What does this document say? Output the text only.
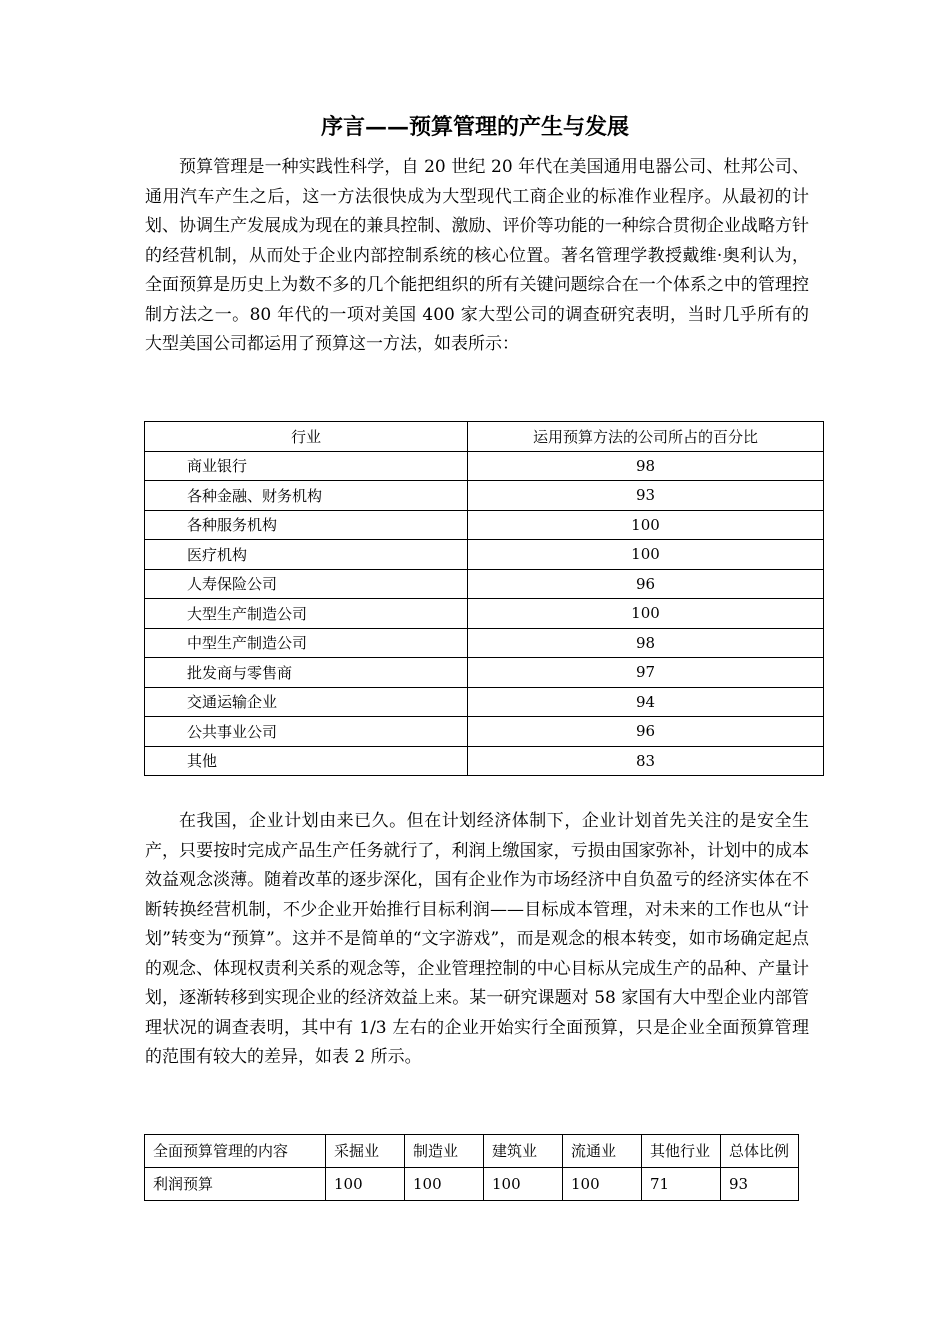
序言——预算管理的产生与发展

预算管理是一种实践性科学，自 20 世纪 20 年代在美国通用电器公司、杜邦公司、通用汽车产生之后，这一方法很快成为大型现代工商企业的标准作业程序。从最初的计划、协调生产发展成为现在的兼具控制、激励、评价等功能的一种综合贯彻企业战略方针的经营机制，从而处于企业内部控制系统的核心位置。著名管理学教授戴维·奥利认为，全面预算是历史上为数不多的几个能把组织的所有关键问题综合在一个体系之中的管理控制方法之一。80 年代的一项对美国 400 家大型公司的调查研究表明，当时几乎所有的大型美国公司都运用了预算这一方法，如表所示：

行业	运用预算方法的公司所占的百分比
商业银行	98
各种金融、财务机构	93
各种服务机构	100
医疗机构	100
人寿保险公司	96
大型生产制造公司	100
中型生产制造公司	98
批发商与零售商	97
交通运输企业	94
公共事业公司	96
其他	83

在我国，企业计划由来已久。但在计划经济体制下，企业计划首先关注的是安全生产，只要按时完成产品生产任务就行了，利润上缴国家，亏损由国家弥补，计划中的成本效益观念淡薄。随着改革的逐步深化，国有企业作为市场经济中自负盈亏的经济实体在不断转换经营机制，不少企业开始推行目标利润——目标成本管理，对未来的工作也从“计划”转变为“预算”。这并不是简单的“文字游戏”，而是观念的根本转变，如市场确定起点的观念、体现权责利关系的观念等，企业管理控制的中心目标从完成生产的品种、产量计划，逐渐转移到实现企业的经济效益上来。某一研究课题对 58 家国有大中型企业内部管理状况的调查表明，其中有 1/3 左右的企业开始实行全面预算，只是企业全面预算管理的范围有较大的差异，如表 2 所示。

全面预算管理的内容	采掘业	制造业	建筑业	流通业	其他行业	总体比例
利润预算	100	100	100	100	71	93
